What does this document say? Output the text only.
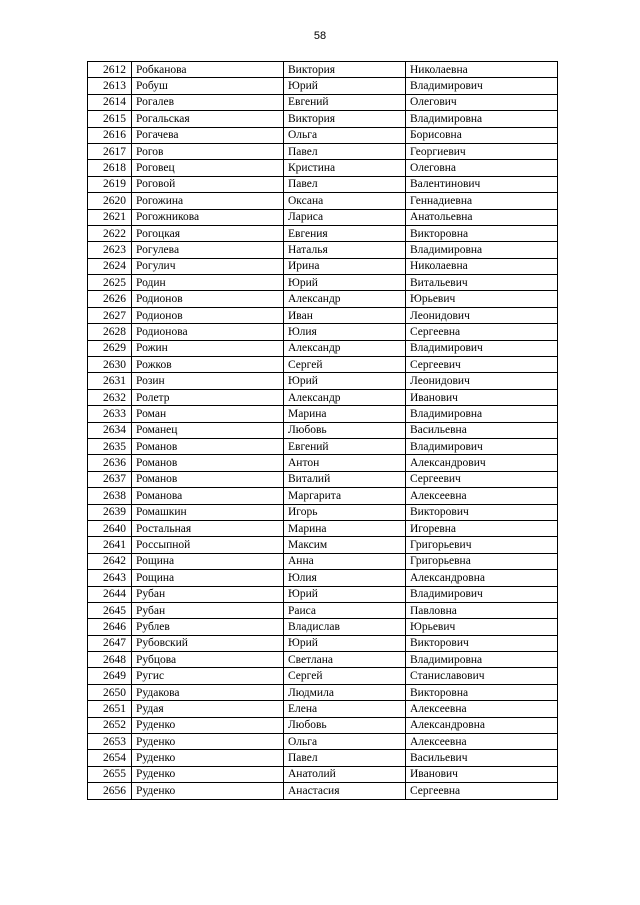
58
2612	Робканова	Виктория	Николаевна
2613	Робуш	Юрий	Владимирович
2614	Рогалев	Евгений	Олегович
2615	Рогальская	Виктория	Владимировна
2616	Рогачева	Ольга	Борисовна
2617	Рогов	Павел	Георгиевич
2618	Роговец	Кристина	Олеговна
2619	Роговой	Павел	Валентинович
2620	Рогожина	Оксана	Геннадиевна
2621	Рогожникова	Лариса	Анатольевна
2622	Рогоцкая	Евгения	Викторовна
2623	Рогулева	Наталья	Владимировна
2624	Рогулич	Ирина	Николаевна
2625	Родин	Юрий	Витальевич
2626	Родионов	Александр	Юрьевич
2627	Родионов	Иван	Леонидович
2628	Родионова	Юлия	Сергеевна
2629	Рожин	Александр	Владимирович
2630	Рожков	Сергей	Сергеевич
2631	Розин	Юрий	Леонидович
2632	Ролетр	Александр	Иванович
2633	Роман	Марина	Владимировна
2634	Романец	Любовь	Васильевна
2635	Романов	Евгений	Владимирович
2636	Романов	Антон	Александрович
2637	Романов	Виталий	Сергеевич
2638	Романова	Маргарита	Алексеевна
2639	Ромашкин	Игорь	Викторович
2640	Ростальная	Марина	Игоревна
2641	Россыпной	Максим	Григорьевич
2642	Рощина	Анна	Григорьевна
2643	Рощина	Юлия	Александровна
2644	Рубан	Юрий	Владимирович
2645	Рубан	Раиса	Павловна
2646	Рублев	Владислав	Юрьевич
2647	Рубовский	Юрий	Викторович
2648	Рубцова	Светлана	Владимировна
2649	Ругис	Сергей	Станиславович
2650	Рудакова	Людмила	Викторовна
2651	Рудая	Елена	Алексеевна
2652	Руденко	Любовь	Александровна
2653	Руденко	Ольга	Алексеевна
2654	Руденко	Павел	Васильевич
2655	Руденко	Анатолий	Иванович
2656	Руденко	Анастасия	Сергеевна
